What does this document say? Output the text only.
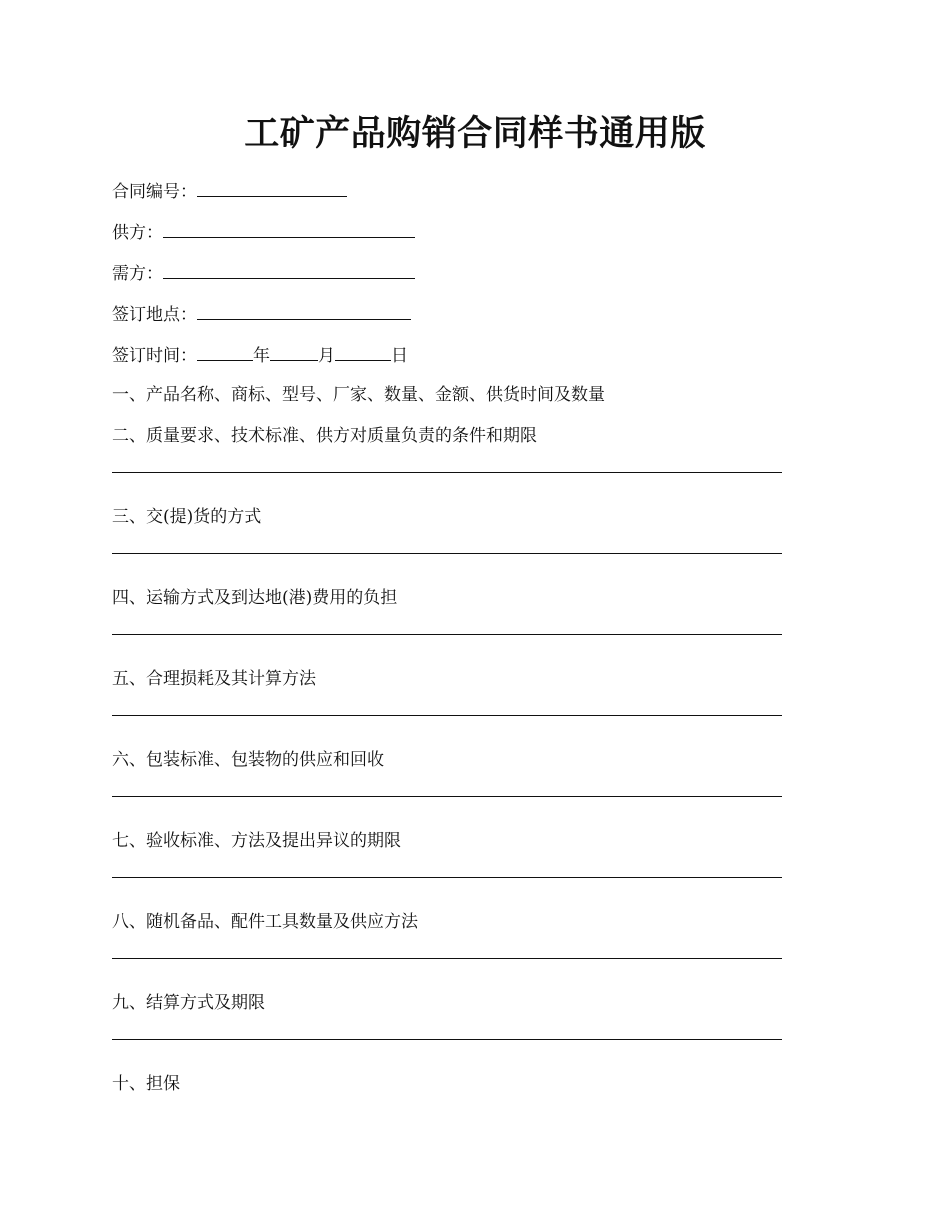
工矿产品购销合同样书通用版
合同编号：
供方：
需方：
签订地点：
签订时间：	年	月	日
一、产品名称、商标、型号、厂家、数量、金额、供货时间及数量
二、质量要求、技术标准、供方对质量负责的条件和期限
三、交(提)货的方式
四、运输方式及到达地(港)费用的负担
五、合理损耗及其计算方法
六、包装标准、包装物的供应和回收
七、验收标准、方法及提出异议的期限
八、随机备品、配件工具数量及供应方法
九、结算方式及期限
十、担保
